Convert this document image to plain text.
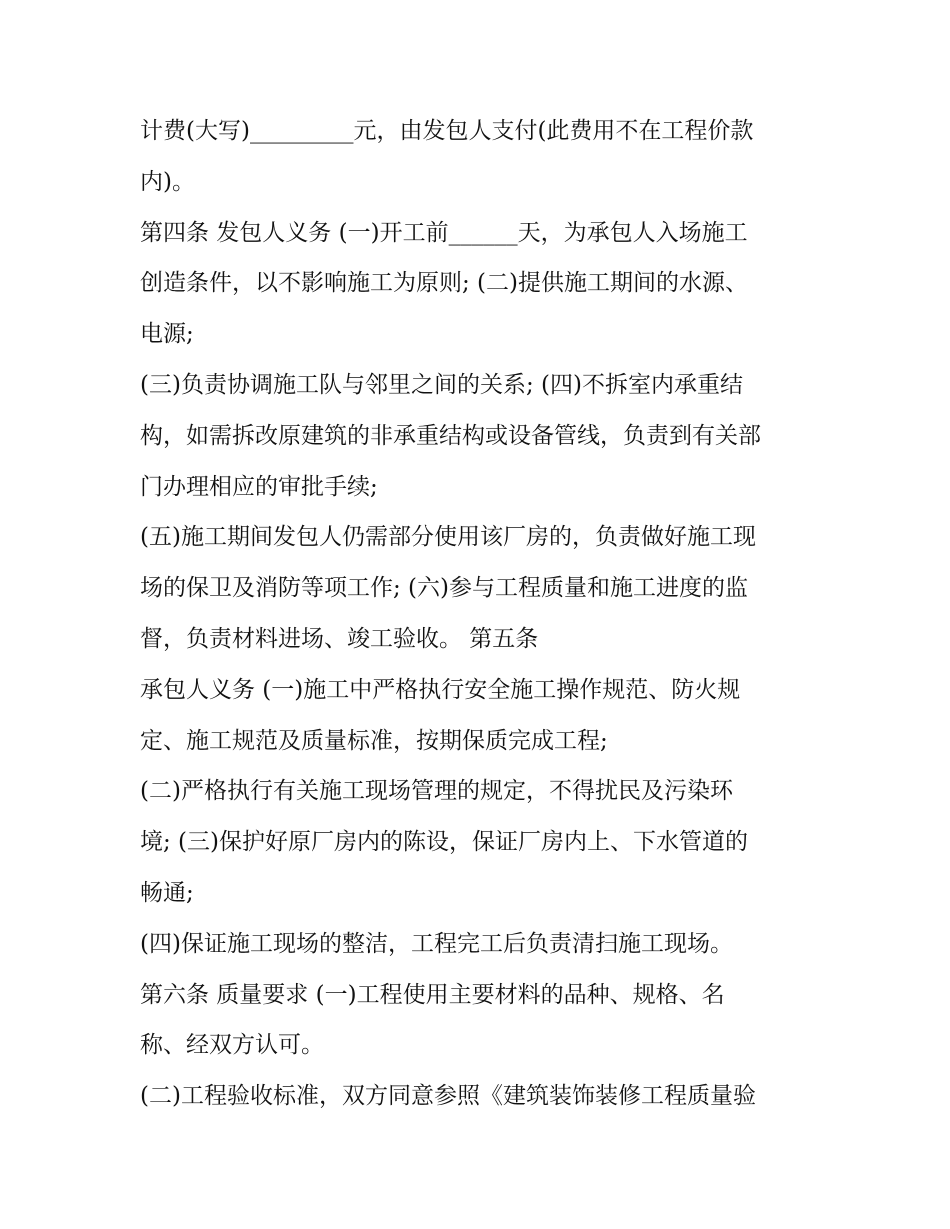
计费(大写)_________元，由发包人支付(此费用不在工程价款
内)。
第四条 发包人义务 (一)开工前______天，为承包人入场施工
创造条件，以不影响施工为原则; (二)提供施工期间的水源、
电源;
(三)负责协调施工队与邻里之间的关系; (四)不拆室内承重结
构，如需拆改原建筑的非承重结构或设备管线，负责到有关部
门办理相应的审批手续;
(五)施工期间发包人仍需部分使用该厂房的，负责做好施工现
场的保卫及消防等项工作; (六)参与工程质量和施工进度的监
督，负责材料进场、竣工验收。 第五条
承包人义务 (一)施工中严格执行安全施工操作规范、防火规
定、施工规范及质量标准，按期保质完成工程;
(二)严格执行有关施工现场管理的规定，不得扰民及污染环
境; (三)保护好原厂房内的陈设，保证厂房内上、下水管道的
畅通;
(四)保证施工现场的整洁，工程完工后负责清扫施工现场。
第六条 质量要求 (一)工程使用主要材料的品种、规格、名
称、经双方认可。
(二)工程验收标准，双方同意参照《建筑装饰装修工程质量验
